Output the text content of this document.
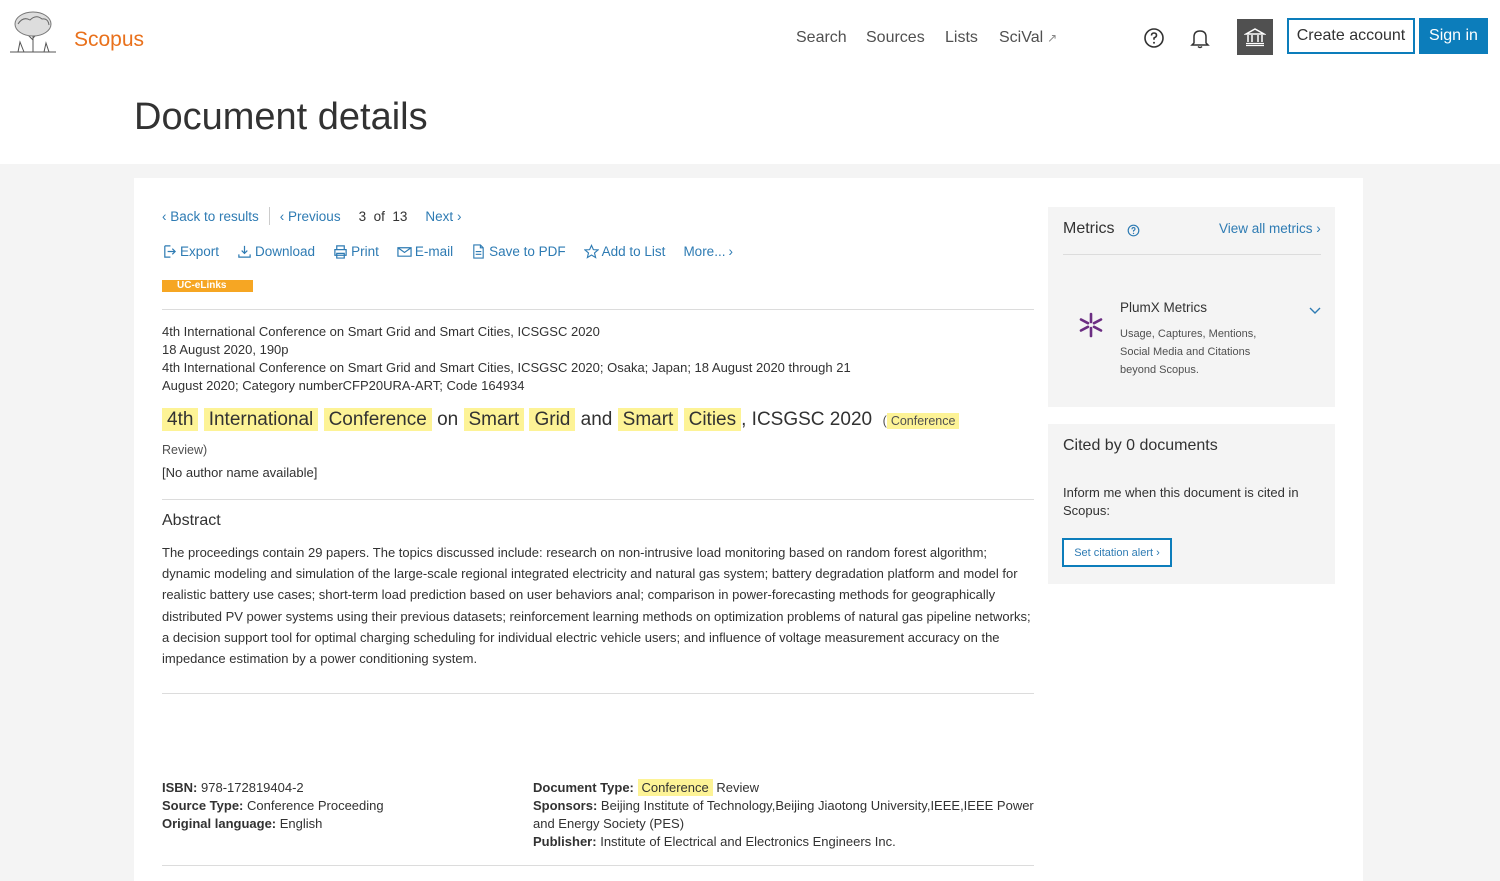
Scopus	Search Sources Lists SciVal ↗	Create account	Sign in
Document details
‹ Back to results ‹ Previous 3 of 13 Next ›
Export	Download	Print	E-mail	Save to PDF	Add to List More... ›
UC-eLinks
4th International Conference on Smart Grid and Smart Cities, ICSGSC 2020
18 August 2020, 190p
4th International Conference on Smart Grid and Smart Cities, ICSGSC 2020; Osaka; Japan; 18 August 2020 through 21
August 2020; Category numberCFP20URA-ART; Code 164934
4th International Conference on Smart Grid and Smart Cities , ICSGSC 2020 ( Conference
Review)
[No author name available]
Abstract
The proceedings contain 29 papers. The topics discussed include: research on non-intrusive load monitoring based on random forest algorithm; dynamic modeling and simulation of the large-scale regional integrated electricity and natural gas system; battery degradation platform and model for realistic battery use cases; short-term load prediction based on user behaviors anal; comparison in power-forecasting methods for geographically distributed PV power systems using their previous datasets; reinforcement learning methods on optimization problems of natural gas pipeline networks; a decision support tool for optimal charging scheduling for individual electric vehicle users; and influence of voltage measurement accuracy on the impedance estimation by a power conditioning system.
ISBN: 978-172819404-2
Source Type: Conference Proceeding
Original language: English
Document Type: Conference Review
Sponsors: Beijing Institute of Technology,Beijing Jiaotong University,IEEE,IEEE Power and Energy Society (PES)
Publisher: Institute of Electrical and Electronics Engineers Inc.
Metrics	View all metrics ›
PlumX Metrics
Usage, Captures, Mentions, Social Media and Citations beyond Scopus.
Cited by 0 documents
Inform me when this document is cited in Scopus:
Set citation alert ›
